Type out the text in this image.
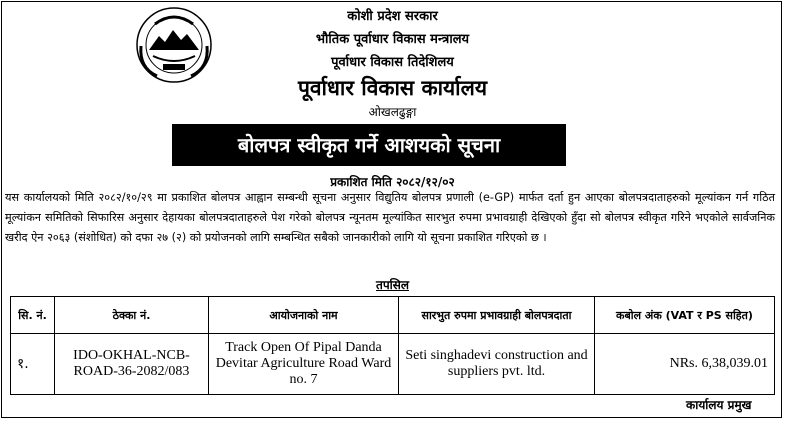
कोशी प्रदेश सरकार
भौतिक पूर्वाधार विकास मन्त्रालय
पूर्वाधार विकास तिदेशिलय
पूर्वाधार विकास कार्यालय
ओखलढुङ्गा
बोलपत्र स्वीकृत गर्ने आशयको सूचना
प्रकाशित मिति २०८२/१२/०२
यस कार्यालयको मिति २०८२/१०/२९ मा प्रकाशित बोलपत्र आह्वान सम्बन्धी सूचना अनुसार विद्युतिय बोलपत्र प्रणाली (e-GP) मार्फत दर्ता हुन आएका बोलपत्रदाताहरुको मूल्यांकन गर्न गठित मूल्यांकन समितिको सिफारिस अनुसार देहायका बोलपत्रदाताहरुले पेश गरेको बोलपत्र न्यूनतम मूल्यांकित सारभुत रुपमा प्रभावग्राही देखिएको हुँदा सो बोलपत्र स्वीकृत गरिने भएकोले सार्वजनिक खरीद ऐन २०६३ (संशोधित) को दफा २७ (२) को प्रयोजनको लागि सम्बन्धित सबैको जानकारीको लागि यो सूचना प्रकाशित गरिएको छ ।
तपसिल
सि. नं.	ठेक्का नं.	आयोजनाको नाम	सारभुत रुपमा प्रभावग्राही बोलपत्रदाता	कबोल अंक (VAT र PS सहित)
१.	IDO-OKHAL-NCB-ROAD-36-2082/083	Track Open Of Pipal Danda Devitar Agriculture Road Ward no. 7	Seti singhadevi construction and suppliers pvt. ltd.	NRs. 6,38,039.01
कार्यालय प्रमुख
